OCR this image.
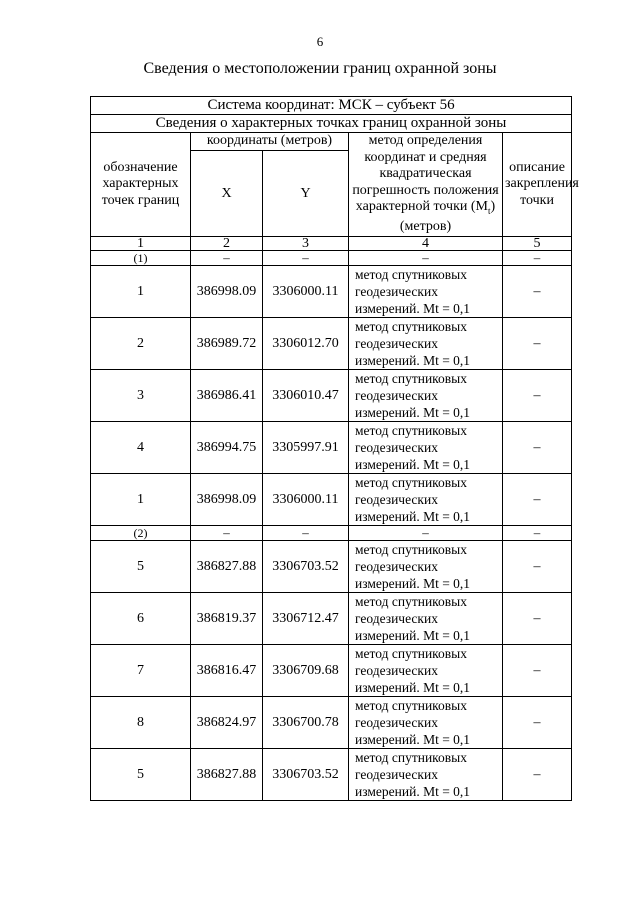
6
Сведения о местоположении границ охранной зоны
Система координат: МСК – субъект 56				
Сведения о характерных точках границ охранной зоны				
обозначение характерных точек границ	координаты (метров)		метод определения координат и средняя квадратическая погрешность положения характерной точки $(M_t)$ (метров)	описание закрепления точки
	X	Y		
1	2	3	4	5
(1)	–	–	–	–
1	386998.09	3306000.11	метод спутниковых геодезических измерений. Mt = 0,1	–
2	386989.72	3306012.70	метод спутниковых геодезических измерений. Mt = 0,1	–
3	386986.41	3306010.47	метод спутниковых геодезических измерений. Mt = 0,1	–
4	386994.75	3305997.91	метод спутниковых геодезических измерений. Mt = 0,1	–
1	386998.09	3306000.11	метод спутниковых геодезических измерений. Mt = 0,1	–
(2)	–	–	–	–
5	386827.88	3306703.52	метод спутниковых геодезических измерений. Mt = 0,1	–
6	386819.37	3306712.47	метод спутниковых геодезических измерений. Mt = 0,1	–
7	386816.47	3306709.68	метод спутниковых геодезических измерений. Mt = 0,1	–
8	386824.97	3306700.78	метод спутниковых геодезических измерений. Mt = 0,1	–
5	386827.88	3306703.52	метод спутниковых геодезических измерений. Mt = 0,1	–
